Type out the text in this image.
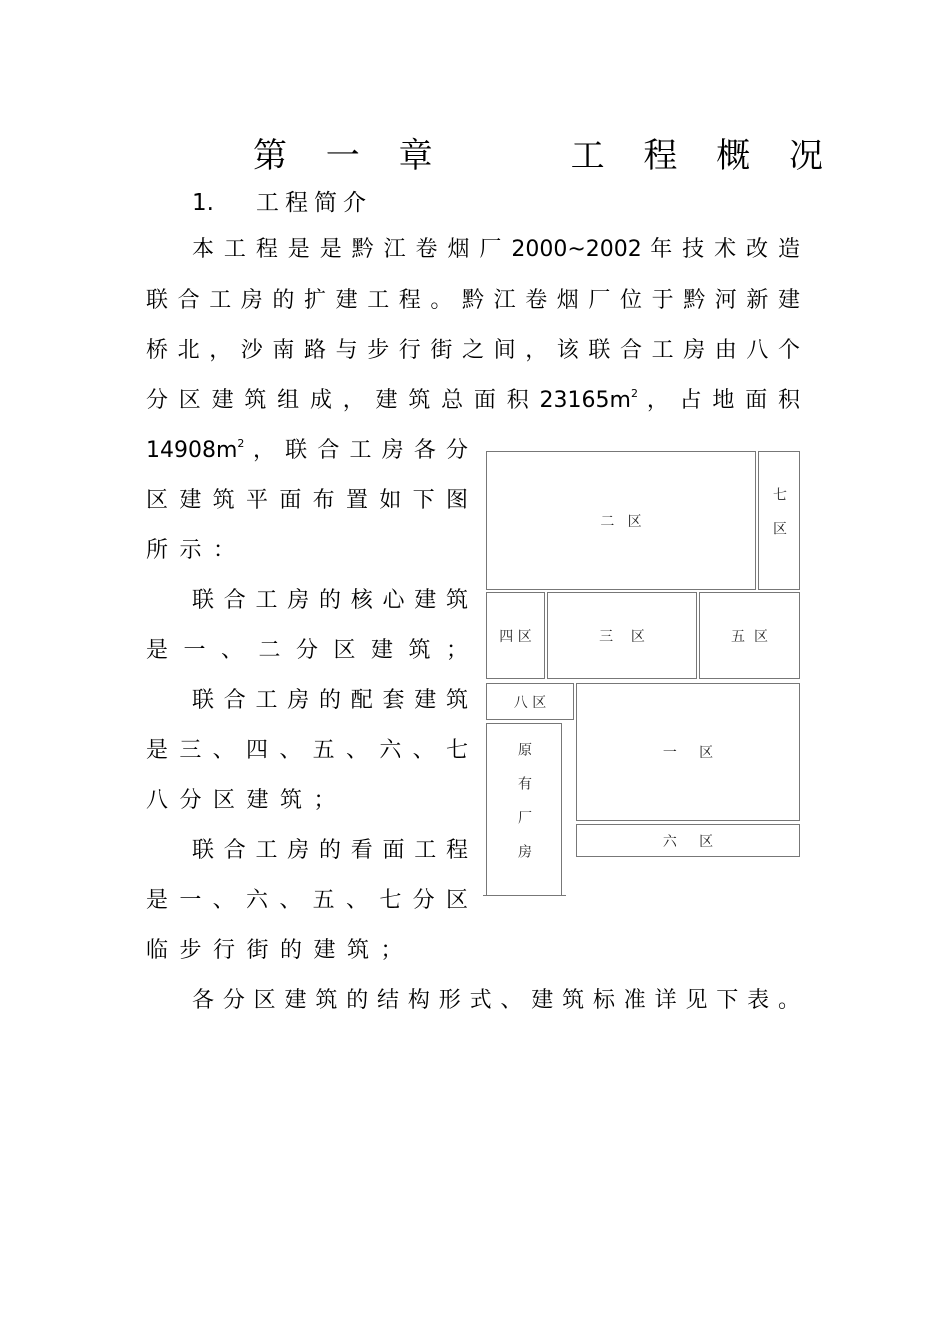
第 一 章     工 程 概 况
1. 工程简介
本 工 程 是 是 黔 江 卷 烟 厂 2000~2002 年 技 术 改 造
联合工房的扩建工程。黔江卷烟厂位于黔河新建
桥北，沙南路与步行街之间，该联合工房由八个
分 区 建 筑 组 成 ， 建 筑 总 面 积 $23165m^2$ ， 占 地 面 积
$14908m^2$ ， 联 合 工 房 各 分
区建筑平面布置如下图
所示：
联合工房的核心建筑
是一、二分区建筑；
联合工房的配套建筑
是三、四、五、六、七
八分区建筑；
联合工房的看面工程
是一、六、五、七分区
临步行街的建筑；
各分区建筑的结构形式、建筑标准详见下表。
二   区	七区
四 区	三    区	五  区
八 区
一     区
原有厂房	六     区
